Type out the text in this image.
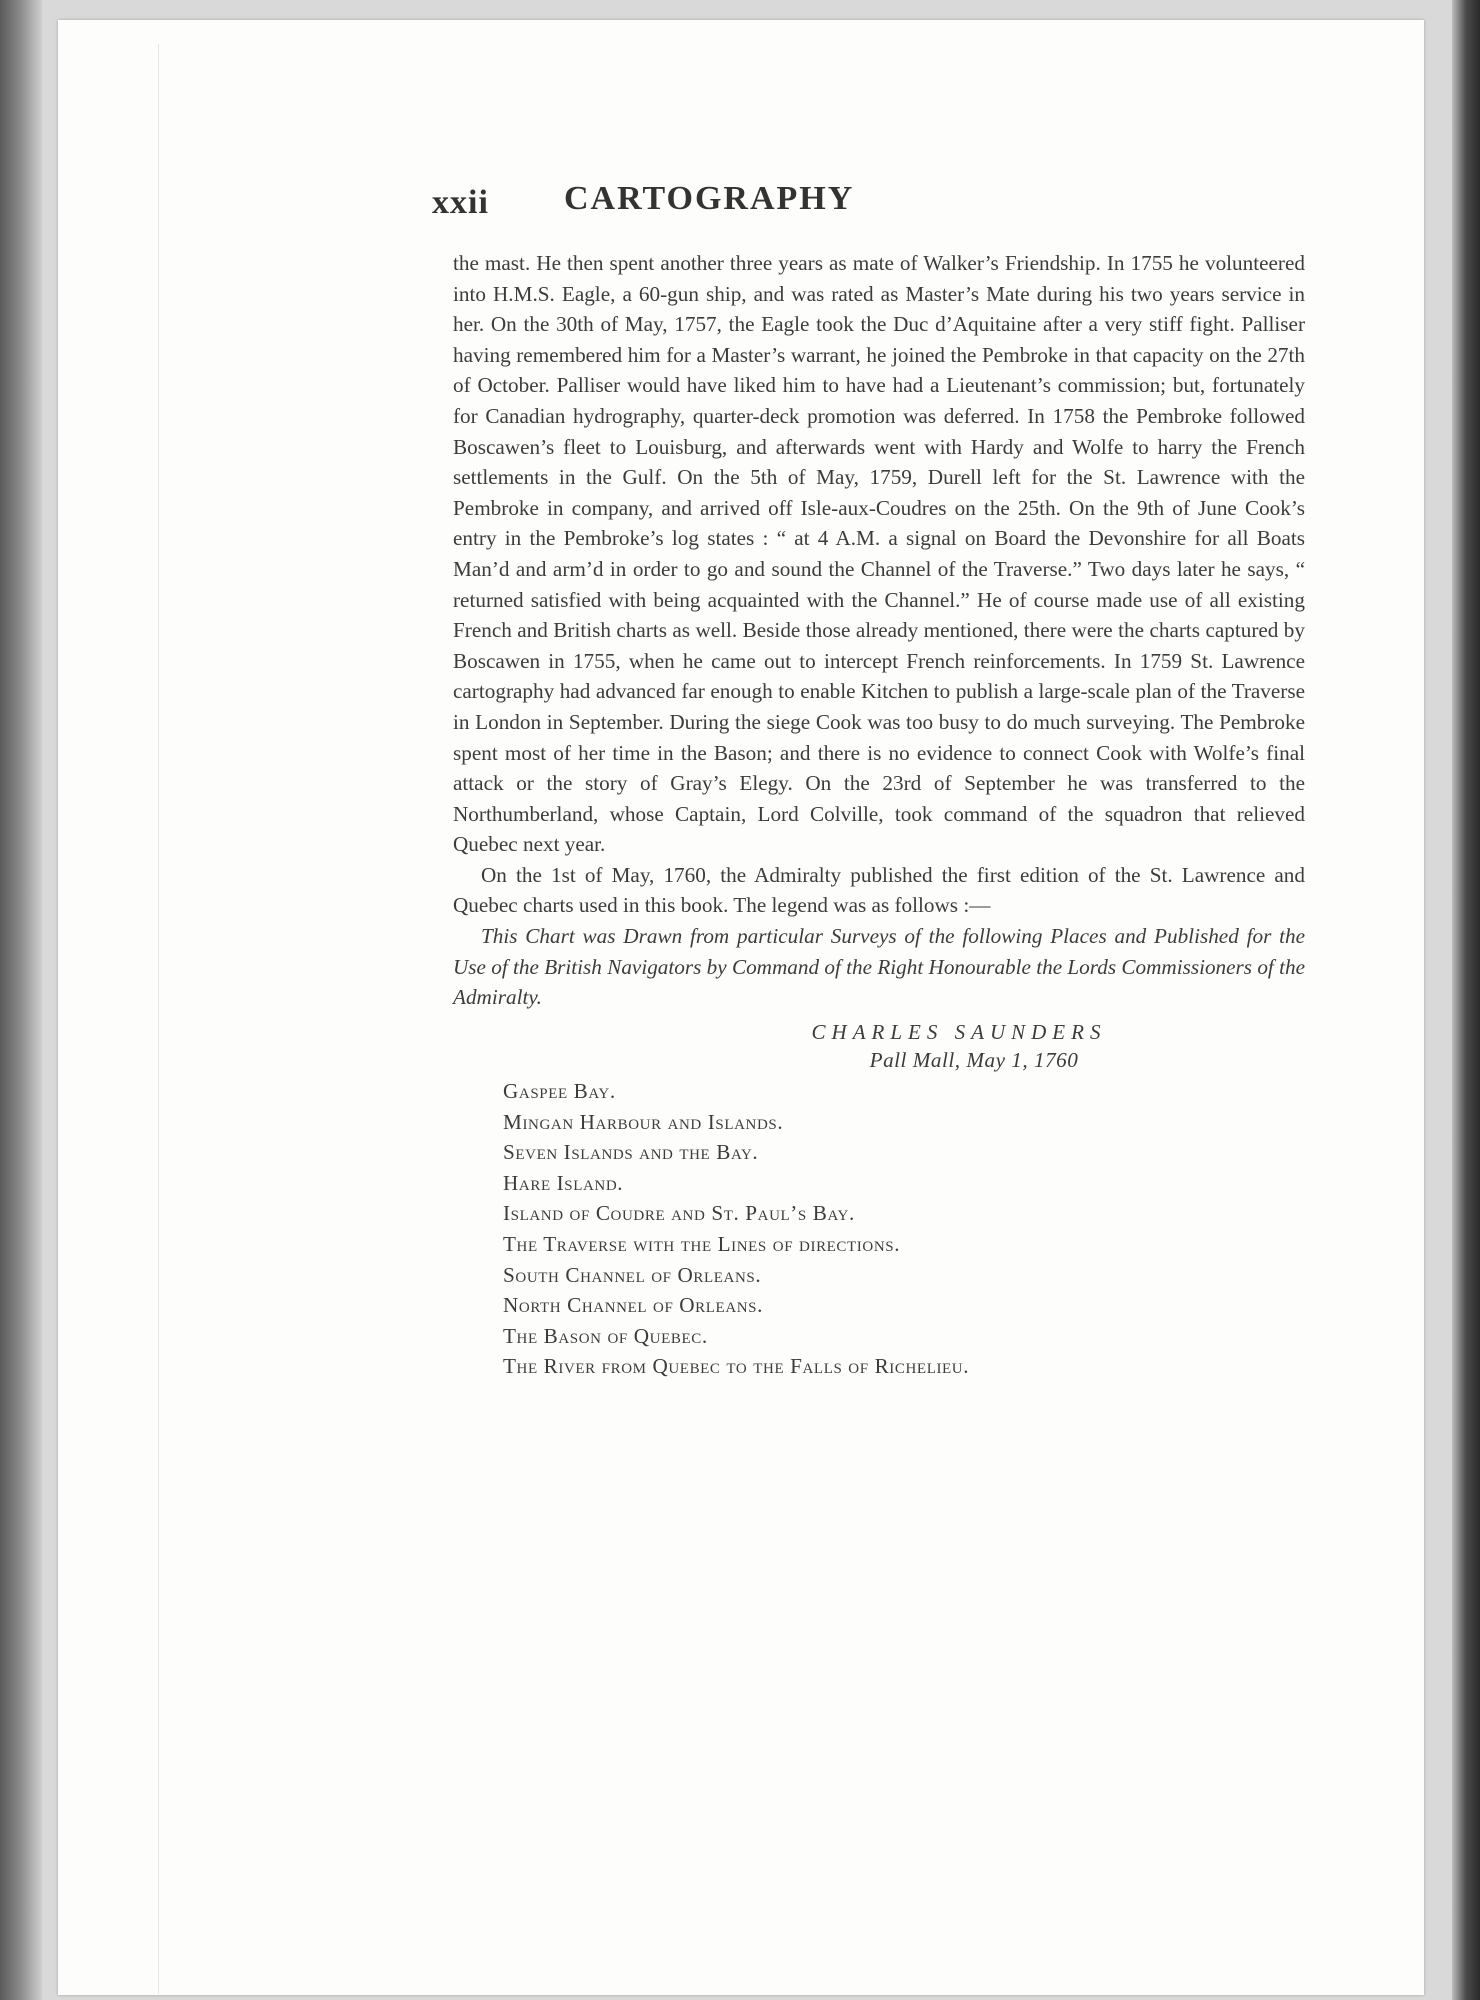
xxii CARTOGRAPHY

the mast. He then spent another three years as mate of Walker’s Friendship. In 1755 he volunteered into H.M.S. Eagle, a 60-gun ship, and was rated as Master’s Mate during his two years service in her. On the 30th of May, 1757, the Eagle took the Duc d’Aquitaine after a very stiff fight. Palliser having remembered him for a Master’s warrant, he joined the Pembroke in that capacity on the 27th of October. Palliser would have liked him to have had a Lieutenant’s commission; but, fortunately for Canadian hydrography, quarter-deck promotion was deferred. In 1758 the Pembroke followed Boscawen’s fleet to Louisburg, and afterwards went with Hardy and Wolfe to harry the French settlements in the Gulf. On the 5th of May, 1759, Durell left for the St. Lawrence with the Pembroke in company, and arrived off Isle-aux-Coudres on the 25th. On the 9th of June Cook’s entry in the Pembroke’s log states : “ at 4 A.M. a signal on Board the Devonshire for all Boats Man’d and arm’d in order to go and sound the Channel of the Traverse.” Two days later he says, “ returned satisfied with being acquainted with the Channel.” He of course made use of all existing French and British charts as well. Beside those already mentioned, there were the charts captured by Boscawen in 1755, when he came out to intercept French reinforcements. In 1759 St. Lawrence cartography had advanced far enough to enable Kitchen to publish a large-scale plan of the Traverse in London in September. During the siege Cook was too busy to do much surveying. The Pembroke spent most of her time in the Bason; and there is no evidence to connect Cook with Wolfe’s final attack or the story of Gray’s Elegy. On the 23rd of September he was transferred to the Northumberland, whose Captain, Lord Colville, took command of the squadron that relieved Quebec next year.

On the 1st of May, 1760, the Admiralty published the first edition of the St. Lawrence and Quebec charts used in this book. The legend was as follows :—

This Chart was Drawn from particular Surveys of the following Places and Published for the Use of the British Navigators by Command of the Right Honourable the Lords Commissioners of the Admiralty.

CHARLES SAUNDERS

Pall Mall, May 1, 1760

Gaspee Bay.
Mingan Harbour and Islands.
Seven Islands and the Bay.
Hare Island.
Island of Coudre and St. Paul’s Bay.
The Traverse with the Lines of directions.
South Channel of Orleans.
North Channel of Orleans.
The Bason of Quebec.
The River from Quebec to the Falls of Richelieu.
